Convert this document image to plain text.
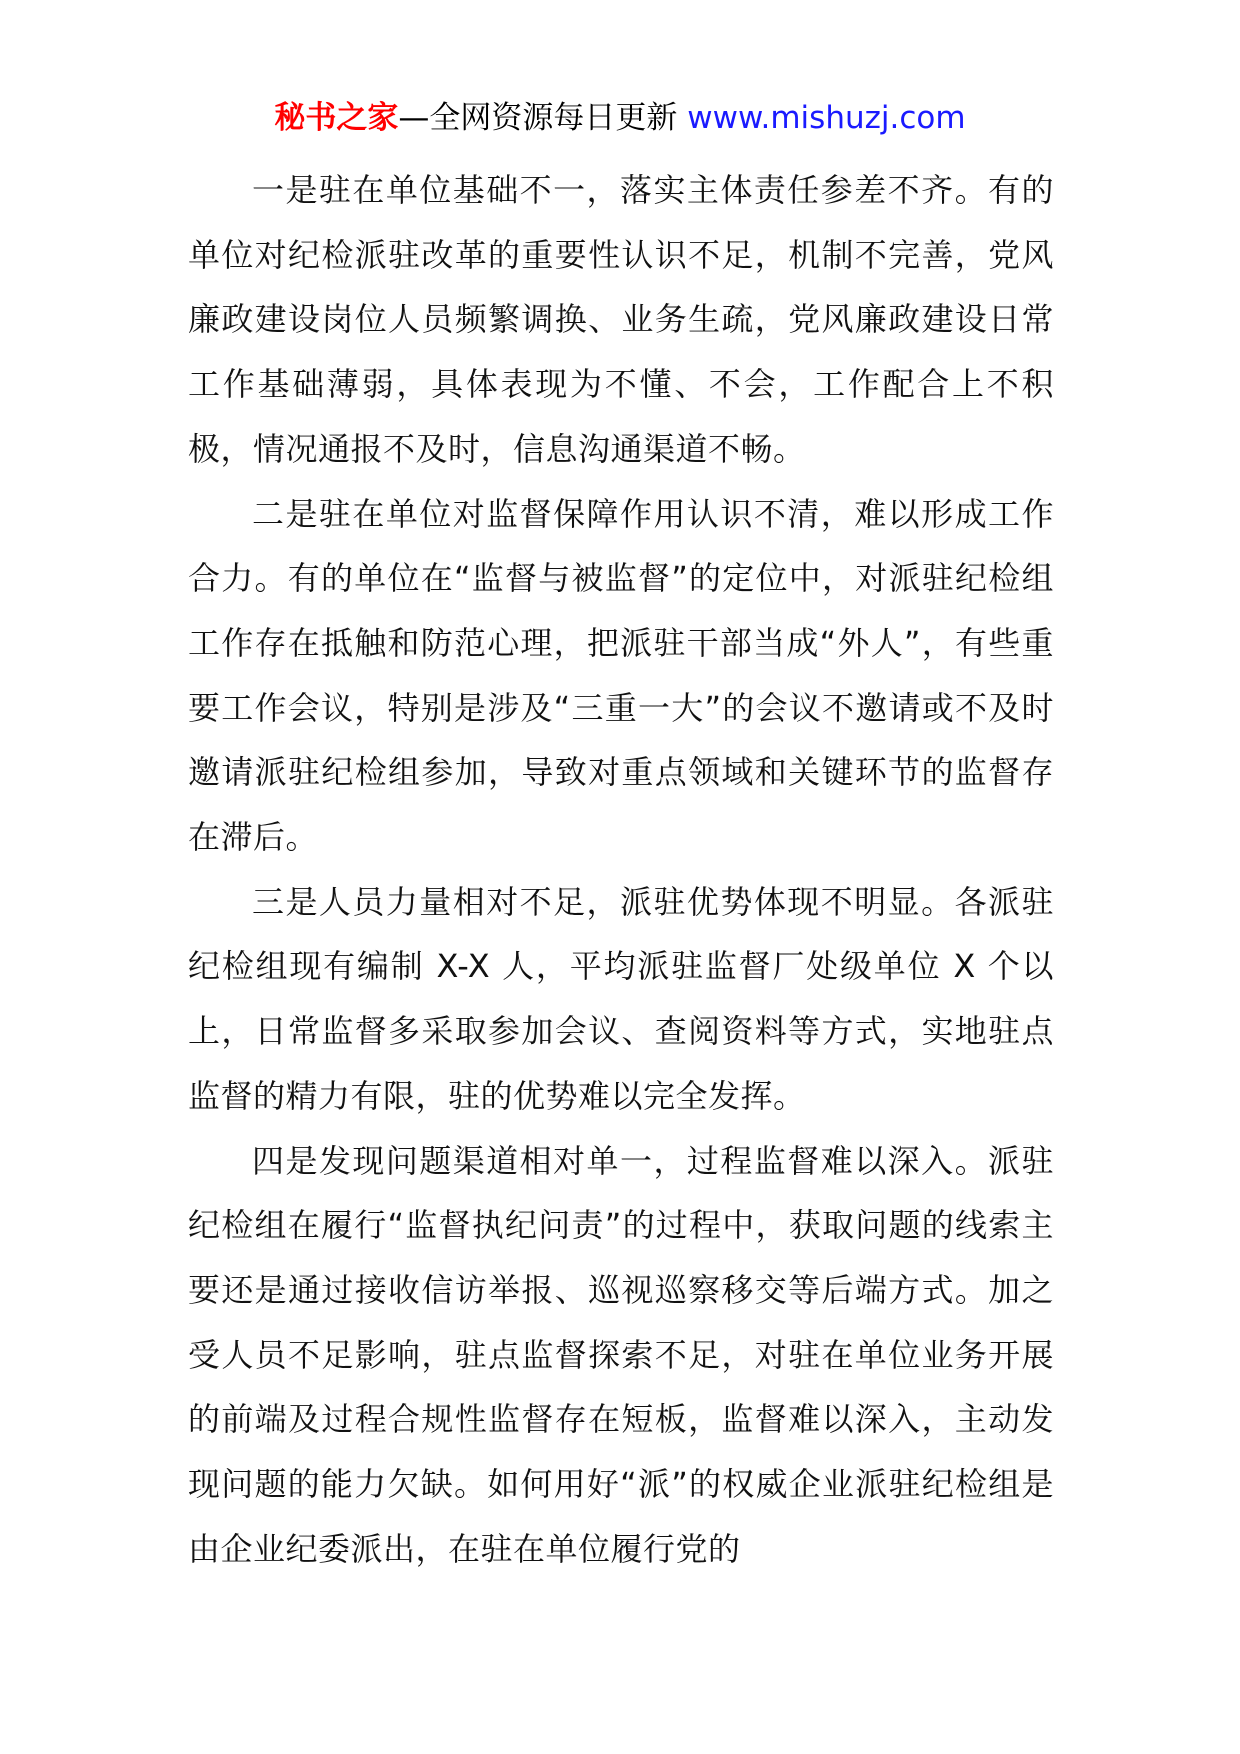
秘书之家—全网资源每日更新 www.mishuzj.com

一是驻在单位基础不一，落实主体责任参差不齐。有的单位对纪检派驻改革的重要性认识不足，机制不完善，党风廉政建设岗位人员频繁调换、业务生疏，党风廉政建设日常工作基础薄弱，具体表现为不懂、不会，工作配合上不积极，情况通报不及时，信息沟通渠道不畅。

二是驻在单位对监督保障作用认识不清，难以形成工作合力。有的单位在“监督与被监督”的定位中，对派驻纪检组工作存在抵触和防范心理，把派驻干部当成“外人”，有些重要工作会议，特别是涉及“三重一大”的会议不邀请或不及时邀请派驻纪检组参加，导致对重点领域和关键环节的监督存在滞后。

三是人员力量相对不足，派驻优势体现不明显。各派驻纪检组现有编制 X-X 人，平均派驻监督厂处级单位 X 个以上，日常监督多采取参加会议、查阅资料等方式，实地驻点监督的精力有限，驻的优势难以完全发挥。

四是发现问题渠道相对单一，过程监督难以深入。派驻纪检组在履行“监督执纪问责”的过程中，获取问题的线索主要还是通过接收信访举报、巡视巡察移交等后端方式。加之受人员不足影响，驻点监督探索不足，对驻在单位业务开展的前端及过程合规性监督存在短板，监督难以深入，主动发现问题的能力欠缺。如何用好“派”的权威企业派驻纪检组是由企业纪委派出，在驻在单位履行党的
